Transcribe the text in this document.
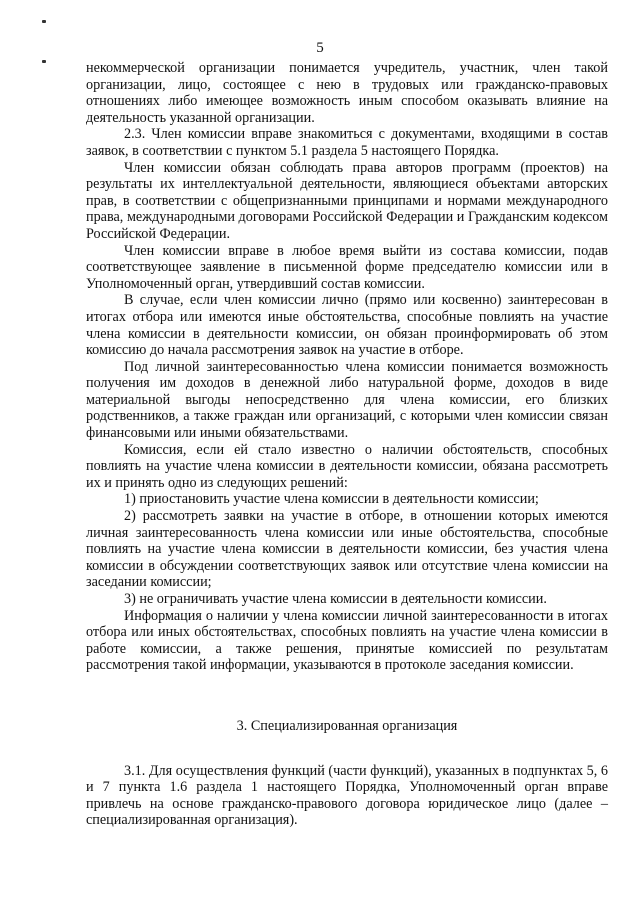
5

некоммерческой организации понимается учредитель, участник, член такой организации, лицо, состоящее с нею в трудовых или гражданско-правовых отношениях либо имеющее возможность иным способом оказывать влияние на деятельность указанной организации.

2.3. Член комиссии вправе знакомиться с документами, входящими в состав заявок, в соответствии с пунктом 5.1 раздела 5 настоящего Порядка.

Член комиссии обязан соблюдать права авторов программ (проектов) на результаты их интеллектуальной деятельности, являющиеся объектами авторских прав, в соответствии с общепризнанными принципами и нормами международного права, международными договорами Российской Федерации и Гражданским кодексом Российской Федерации.

Член комиссии вправе в любое время выйти из состава комиссии, подав соответствующее заявление в письменной форме председателю комиссии или в Уполномоченный орган, утвердивший состав комиссии.

В случае, если член комиссии лично (прямо или косвенно) заинтересован в итогах отбора или имеются иные обстоятельства, способные повлиять на участие члена комиссии в деятельности комиссии, он обязан проинформировать об этом комиссию до начала рассмотрения заявок на участие в отборе.

Под личной заинтересованностью члена комиссии понимается возможность получения им доходов в денежной либо натуральной форме, доходов в виде материальной выгоды непосредственно для члена комиссии, его близких родственников, а также граждан или организаций, с которыми член комиссии связан финансовыми или иными обязательствами.

Комиссия, если ей стало известно о наличии обстоятельств, способных повлиять на участие члена комиссии в деятельности комиссии, обязана рассмотреть их и принять одно из следующих решений:

1) приостановить участие члена комиссии в деятельности комиссии;

2) рассмотреть заявки на участие в отборе, в отношении которых имеются личная заинтересованность члена комиссии или иные обстоятельства, способные повлиять на участие члена комиссии в деятельности комиссии, без участия члена комиссии в обсуждении соответствующих заявок или отсутствие члена комиссии на заседании комиссии;

3) не ограничивать участие члена комиссии в деятельности комиссии.

Информация о наличии у члена комиссии личной заинтересованности в итогах отбора или иных обстоятельствах, способных повлиять на участие члена комиссии в работе комиссии, а также решения, принятые комиссией по результатам рассмотрения такой информации, указываются в протоколе заседания комиссии.

3. Специализированная организация

3.1. Для осуществления функций (части функций), указанных в подпунктах 5, 6 и 7 пункта 1.6 раздела 1 настоящего Порядка, Уполномоченный орган вправе привлечь на основе гражданско-правового договора юридическое лицо (далее – специализированная организация).
